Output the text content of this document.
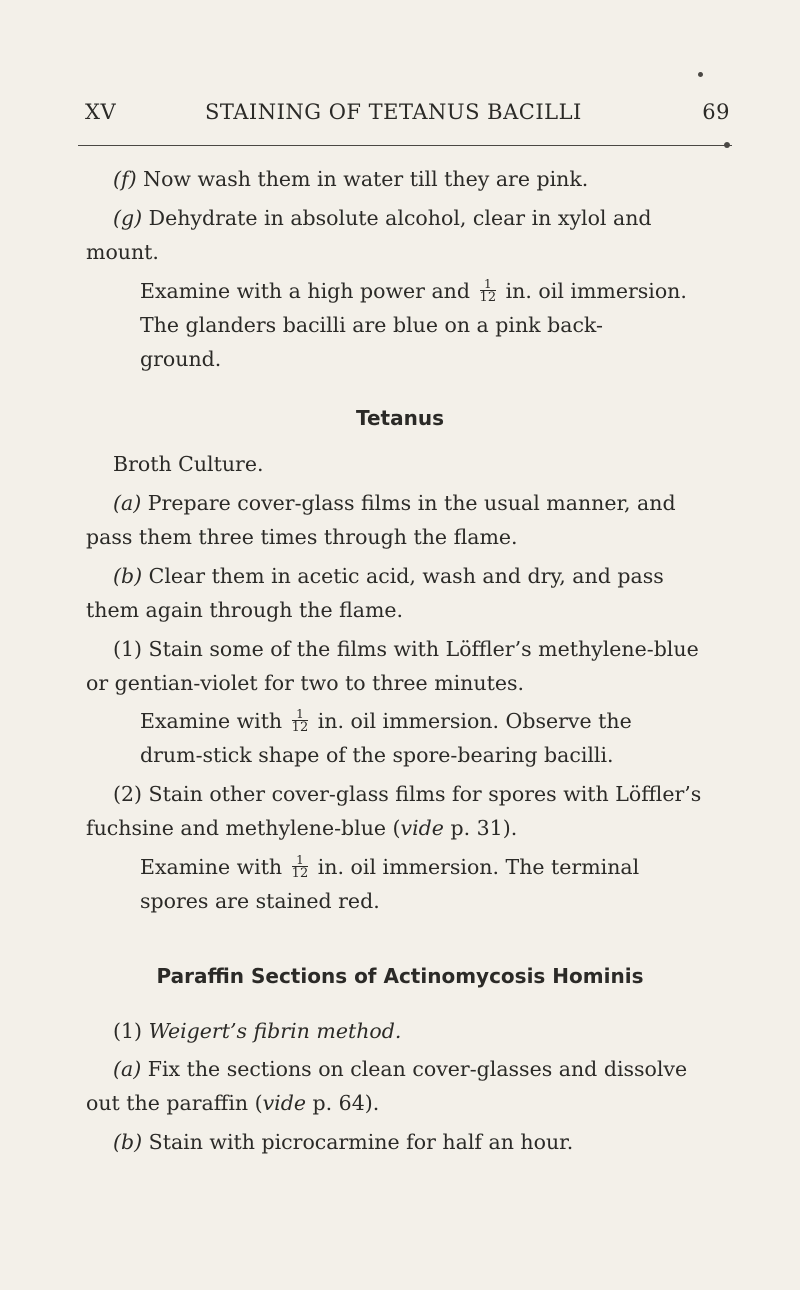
XV	STAINING OF TETANUS BACILLI	69
(f) Now wash them in water till they are pink.
(g) Dehydrate in absolute alcohol, clear in xylol and
mount.
Examine with a high power and $\frac{1}{12}$ in. oil immersion.
The glanders bacilli are blue on a pink back-
ground.
Tetanus
Broth Culture.
(a) Prepare cover-glass films in the usual manner, and
pass them three times through the flame.
(b) Clear them in acetic acid, wash and dry, and pass
them again through the flame.
(1) Stain some of the films with Löffler’s methylene-blue
or gentian-violet for two to three minutes.
Examine with $\frac{1}{12}$ in. oil immersion. Observe the
drum-stick shape of the spore-bearing bacilli.
(2) Stain other cover-glass films for spores with Löffler’s
fuchsine and methylene-blue (vide p. 31).
Examine with $\frac{1}{12}$ in. oil immersion. The terminal
spores are stained red.
Paraffin Sections of Actinomycosis Hominis
(1) Weigert’s fibrin method.
(a) Fix the sections on clean cover-glasses and dissolve
out the paraffin (vide p. 64).
(b) Stain with picrocarmine for half an hour.
